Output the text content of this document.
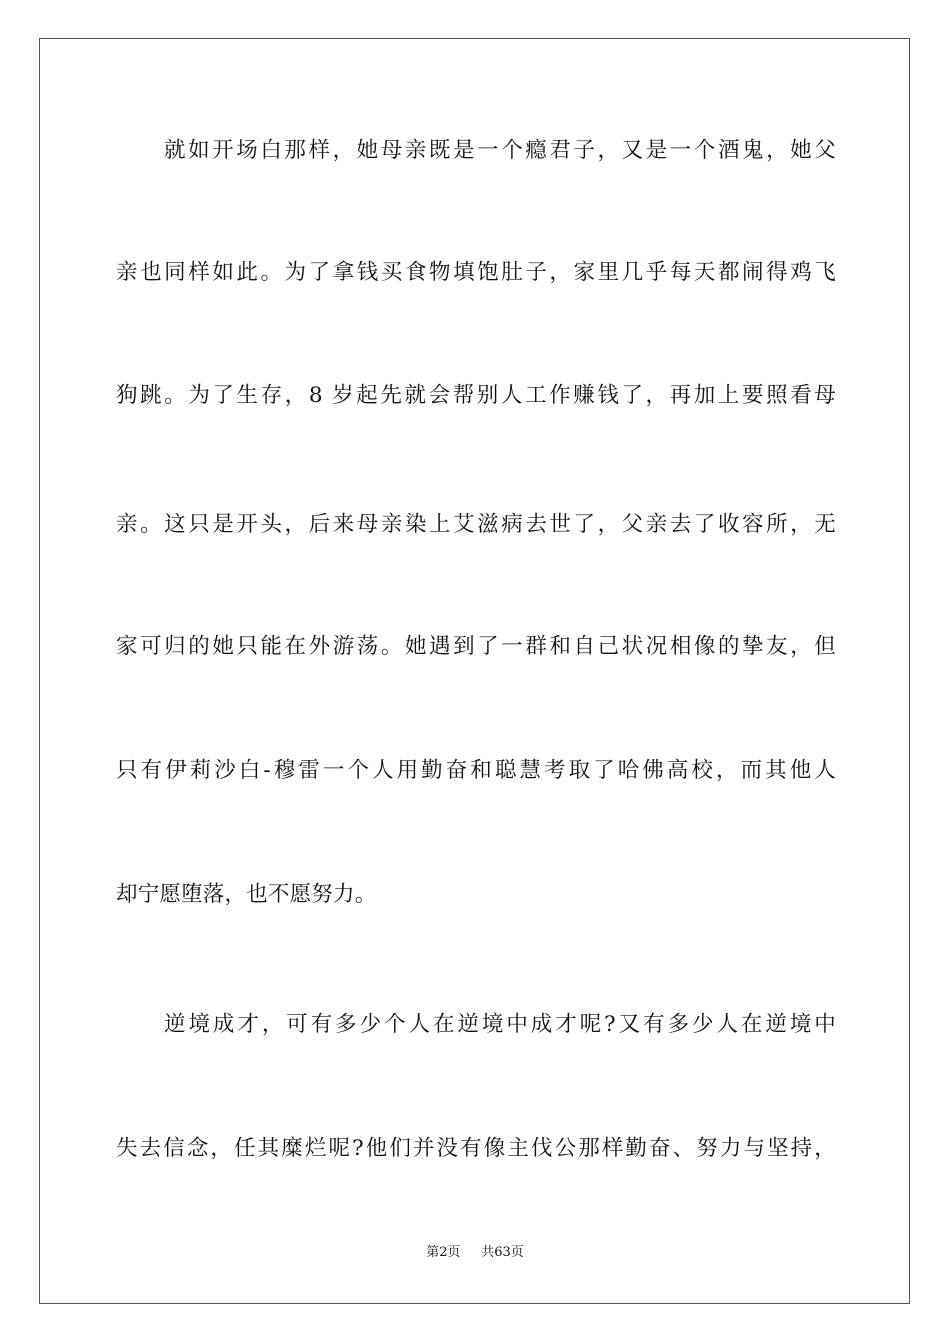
就如开场白那样，她母亲既是一个瘾君子，又是一个酒鬼，她父

亲也同样如此。为了拿钱买食物填饱肚子，家里几乎每天都闹得鸡飞

狗跳。为了生存，8 岁起先就会帮别人工作赚钱了，再加上要照看母

亲。这只是开头，后来母亲染上艾滋病去世了，父亲去了收容所，无

家可归的她只能在外游荡。她遇到了一群和自己状况相像的挚友，但

只有伊莉沙白-穆雷一个人用勤奋和聪慧考取了哈佛高校，而其他人

却宁愿堕落，也不愿努力。

逆境成才，可有多少个人在逆境中成才呢?又有多少人在逆境中

失去信念，任其糜烂呢?他们并没有像主伐公那样勤奋、努力与坚持，

第2页 共63页
